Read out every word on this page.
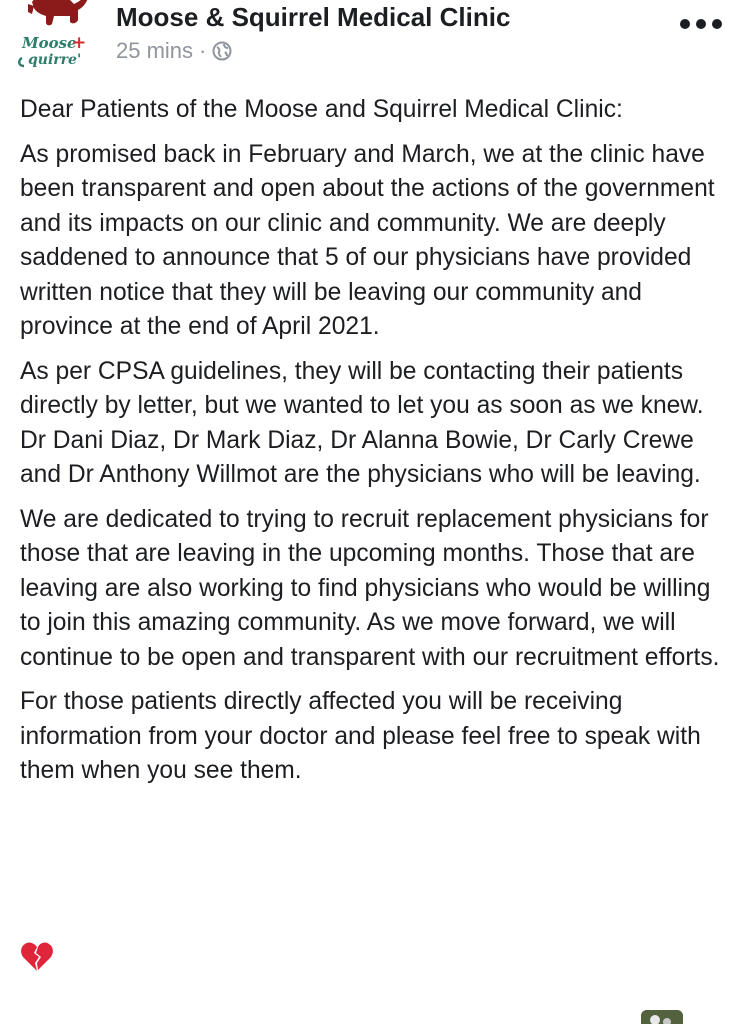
Moose
+
quirre'
Moose & Squirrel Medical Clinic
25 mins ·

Dear Patients of the Moose and Squirrel Medical Clinic:

As promised back in February and March, we at the clinic have been transparent and open about the actions of the government and its impacts on our clinic and community. We are deeply saddened to announce that 5 of our physicians have provided written notice that they will be leaving our community and province at the end of April 2021.

As per CPSA guidelines, they will be contacting their patients directly by letter, but we wanted to let you as soon as we knew. Dr Dani Diaz, Dr Mark Diaz, Dr Alanna Bowie, Dr Carly Crewe and Dr Anthony Willmot are the physicians who will be leaving.

We are dedicated to trying to recruit replacement physicians for those that are leaving in the upcoming months. Those that are leaving are also working to find physicians who would be willing to join this amazing community. As we move forward, we will continue to be open and transparent with our recruitment efforts.

For those patients directly affected you will be receiving information from your doctor and please feel free to speak with them when you see them.
